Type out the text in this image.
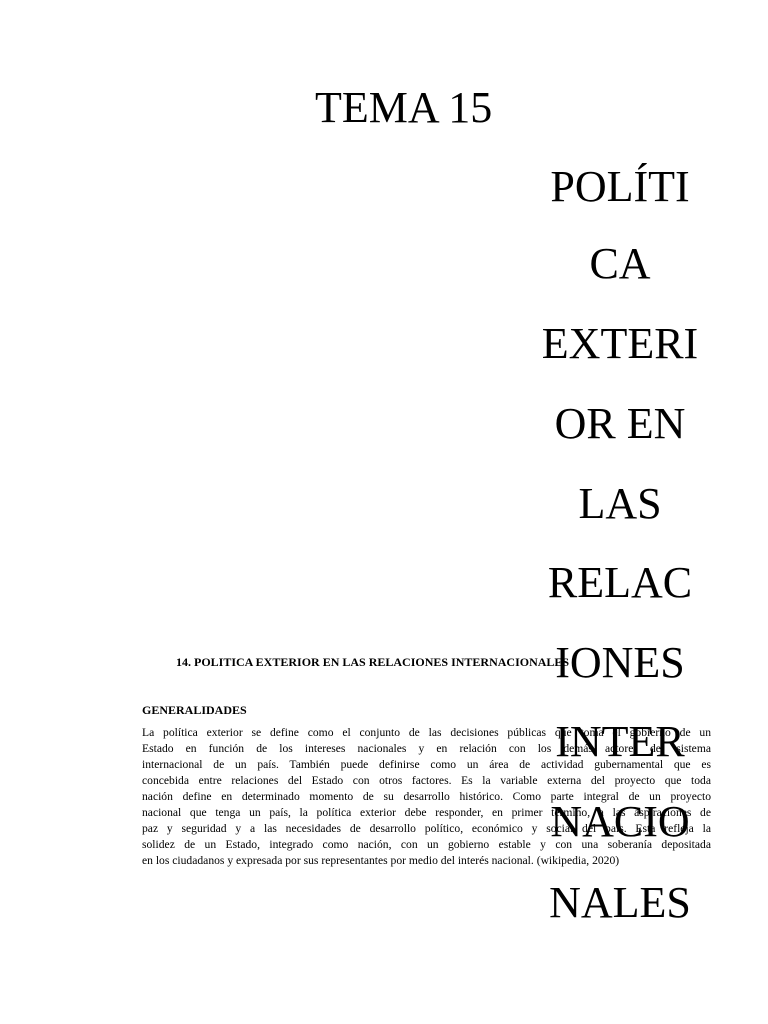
TEMA 15
14. POLITICA EXTERIOR EN LAS RELACIONES INTERNACIONALES
GENERALIDADES
La política exterior se define como el conjunto de las decisiones públicas que toma el gobierno de un
Estado en función de los intereses nacionales y en relación con los demás actores del sistema
internacional de un país. También puede definirse como un área de actividad gubernamental que es
concebida entre relaciones del Estado con otros factores. Es la variable externa del proyecto que toda
nación define en determinado momento de su desarrollo histórico. Como parte integral de un proyecto
nacional que tenga un país, la política exterior debe responder, en primer término, a las aspiraciones de
paz y seguridad y a las necesidades de desarrollo político, económico y social del país. Esta refleja la
solidez de un Estado, integrado como nación, con un gobierno estable y con una soberanía depositada
en los ciudadanos y expresada por sus representantes por medio del interés nacional. (wikipedia, 2020)
POLÍTI
CA
EXTERI
OR EN
LAS
RELAC
IONES
INTER
NACIO
NALES
